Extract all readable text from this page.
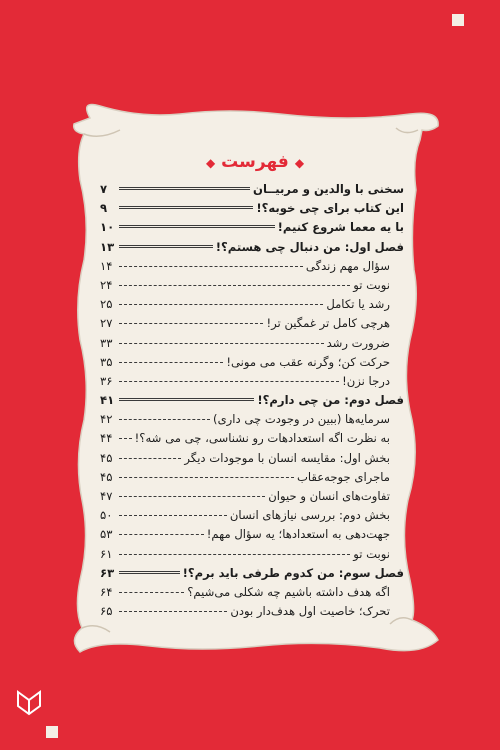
◆فهرست◆
سخنی با والدین و مربیــان
۷
این کتاب برای چی خوبه؟!
۹
با یه معما شروع کنیم!
۱۰
فصل اول: من دنبال چی هستم؟!
۱۳
سؤال مهم زندگی
۱۴
نوبت تو
۲۴
رشد یا تکامل
۲۵
هرچی کامل تر غمگین تر!
۲۷
ضرورت رشد
۳۳
حرکت کن؛ وگرنه عقب می مونی!
۳۵
درجا نزن!
۳۶
فصل دوم: من چی دارم؟!
۴۱
سرمایه‌ها (ببین در وجودت چی داری)
۴۲
به نظرت اگه استعدادهات رو نشناسی، چی می شه؟!
۴۴
بخش اول: مقایسه انسان با موجودات دیگر
۴۵
ماجرای جوجه‌عقاب
۴۵
تفاوت‌های انسان و حیوان
۴۷
بخش دوم: بررسی نیازهای انسان
۵۰
جهت‌دهی به استعدادها؛ یه سؤال مهم!
۵۳
نوبت تو
۶۱
فصل سوم: من کدوم طرفی باید برم؟!
۶۳
اگه هدف داشته باشیم چه شکلی می‌شیم؟
۶۴
تحرک؛ خاصیت اول هدف‌دار بودن
۶۵
